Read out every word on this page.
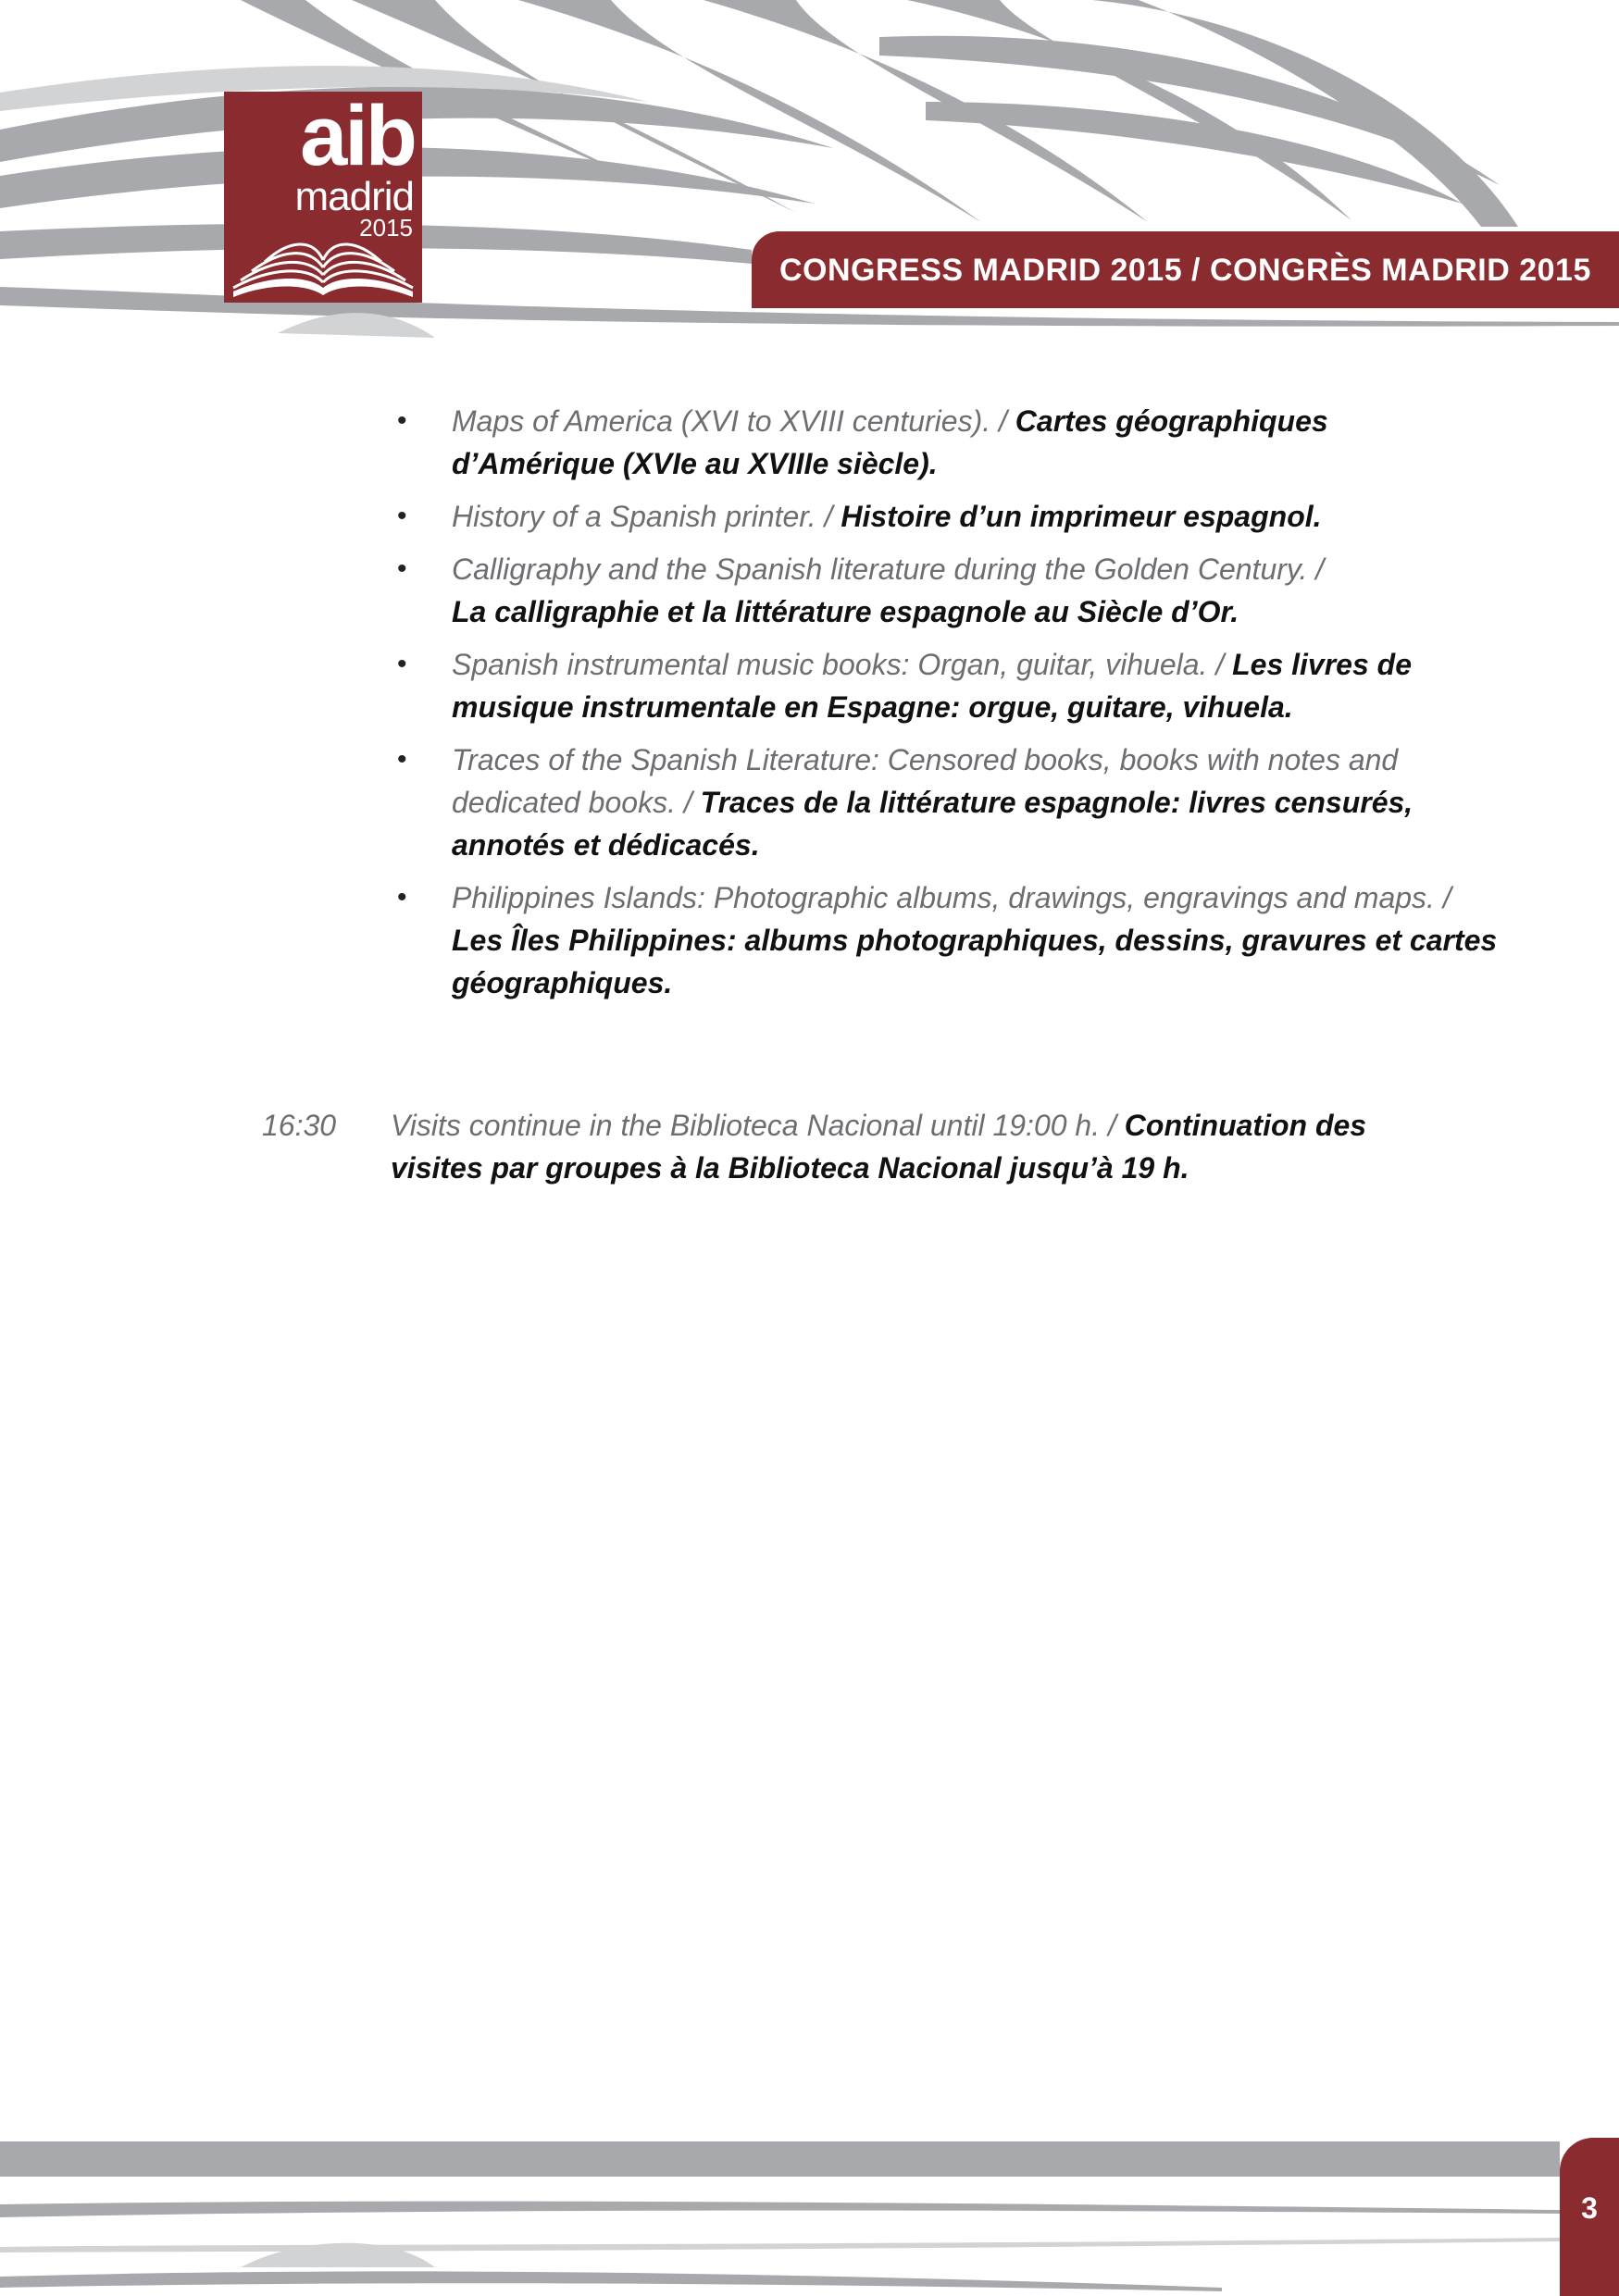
aib
madrid
2015
CONGRESS MADRID 2015 / CONGRÈS MADRID 2015
•	Maps of America (XVI to XVIII centuries). / Cartes géographiques d’Amérique (XVIe au XVIIIe siècle).
•	History of a Spanish printer. / Histoire d’un imprimeur espagnol.
•	Calligraphy and the Spanish literature during the Golden Century. /
La calligraphie et la littérature espagnole au Siècle d’Or.
•	Spanish instrumental music books: Organ, guitar, vihuela. / Les livres de musique instrumentale en Espagne: orgue, guitare, vihuela.
•	Traces of the Spanish Literature: Censored books, books with notes and dedicated books. / Traces de la littérature espagnole: livres censurés, annotés et dédicacés.
•	Philippines Islands: Photographic albums, drawings, engravings and maps. / Les Îles Philippines: albums photographiques, dessins, gravures et cartes géographiques.
16:30 Visits continue in the Biblioteca Nacional until 19:00 h. / Continuation des visites par groupes à la Biblioteca Nacional jusqu’à 19 h.
3
